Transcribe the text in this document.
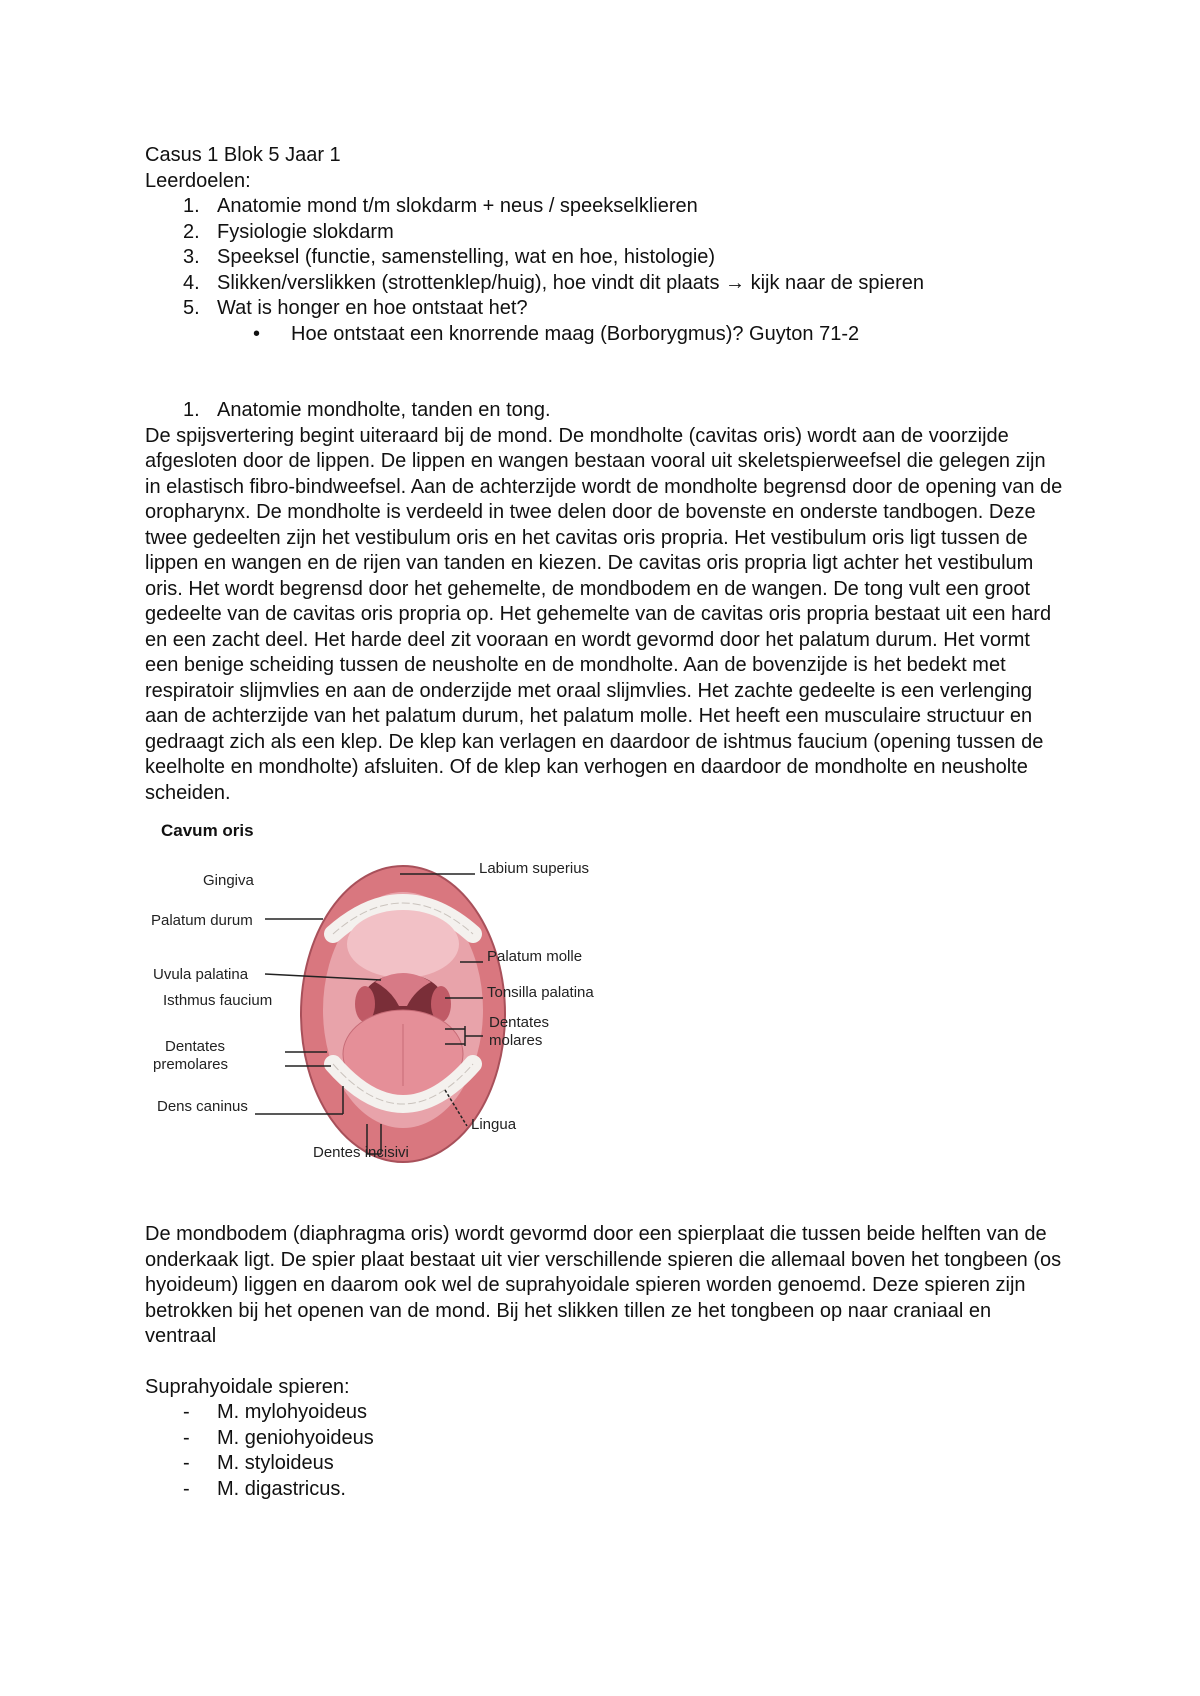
Casus 1 Blok 5 Jaar 1
Leerdoelen:
1. Anatomie mond t/m slokdarm + neus / speekselklieren
2. Fysiologie slokdarm
3. Speeksel (functie, samenstelling, wat en hoe, histologie)
4. Slikken/verslikken (strottenklep/huig), hoe vindt dit plaats → kijk naar de spieren
5. Wat is honger en hoe ontstaat het?
• Hoe ontstaat een knorrende maag (Borborygmus)? Guyton 71-2
1. Anatomie mondholte, tanden en tong.
De spijsvertering begint uiteraard bij de mond. De mondholte (cavitas oris) wordt aan de voorzijde afgesloten door de lippen. De lippen en wangen bestaan vooral uit skeletspierweefsel die gelegen zijn in elastisch fibro-bindweefsel. Aan de achterzijde wordt de mondholte begrensd door de opening van de oropharynx. De mondholte is verdeeld in twee delen door de bovenste en onderste tandbogen. Deze twee gedeelten zijn het vestibulum oris en het cavitas oris propria. Het vestibulum oris ligt tussen de lippen en wangen en de rijen van tanden en kiezen. De cavitas oris propria ligt achter het vestibulum oris. Het wordt begrensd door het gehemelte, de mondbodem en de wangen. De tong vult een groot gedeelte van de cavitas oris propria op. Het gehemelte van de cavitas oris propria bestaat uit een hard en een zacht deel. Het harde deel zit vooraan en wordt gevormd door het palatum durum. Het vormt een benige scheiding tussen de neusholte en de mondholte. Aan de bovenzijde is het bedekt met respiratoir slijmvlies en aan de onderzijde met oraal slijmvlies. Het zachte gedeelte is een verlenging aan de achterzijde van het palatum durum, het palatum molle. Het heeft een musculaire structuur en gedraagt zich als een klep. De klep kan verlagen en daardoor de ishtmus faucium (opening tussen de keelholte en mondholte) afsluiten. Of de klep kan verhogen en daardoor de mondholte en neusholte scheiden.
Cavum oris
Gingiva
Palatum durum
Uvula palatina
Isthmus faucium
Dentates
premolares
Dens caninus
Dentes incisivi
Labium superius
Palatum molle
Tonsilla palatina
Dentates
molares
Lingua
De mondbodem (diaphragma oris) wordt gevormd door een spierplaat die tussen beide helften van de onderkaak ligt. De spier plaat bestaat uit vier verschillende spieren die allemaal boven het tongbeen (os hyoideum) liggen en daarom ook wel de suprahyoidale spieren worden genoemd. Deze spieren zijn betrokken bij het openen van de mond. Bij het slikken tillen ze het tongbeen op naar craniaal en ventraal
Suprahyoidale spieren:
- M. mylohyoideus
- M. geniohyoideus
- M. styloideus
- M. digastricus.
